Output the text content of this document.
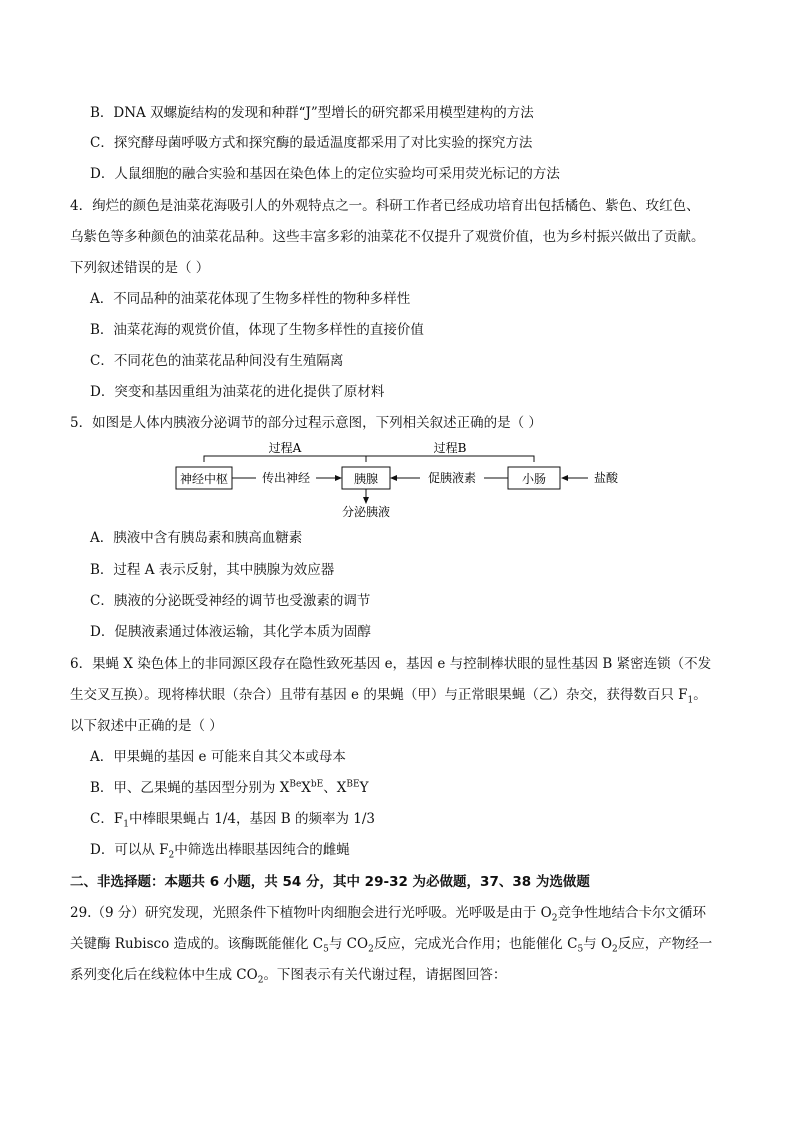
B．DNA 双螺旋结构的发现和种群“J”型增长的研究都采用模型建构的方法
C．探究酵母菌呼吸方式和探究酶的最适温度都采用了对比实验的探究方法
D．人鼠细胞的融合实验和基因在染色体上的定位实验均可采用荧光标记的方法
4．绚烂的颜色是油菜花海吸引人的外观特点之一。科研工作者已经成功培育出包括橘色、紫色、玫红色、
乌紫色等多种颜色的油菜花品种。这些丰富多彩的油菜花不仅提升了观赏价值，也为乡村振兴做出了贡献。
下列叙述错误的是（ ）
A．不同品种的油菜花体现了生物多样性的物种多样性
B．油菜花海的观赏价值，体现了生物多样性的直接价值
C．不同花色的油菜花品种间没有生殖隔离
D．突变和基因重组为油菜花的进化提供了原材料
5．如图是人体内胰液分泌调节的部分过程示意图，下列相关叙述正确的是（ ）
过程A	过程B
神经中枢	胰腺	小肠
传出神经	促胰液素	盐酸
分泌胰液
A．胰液中含有胰岛素和胰高血糖素
B．过程 A 表示反射，其中胰腺为效应器
C．胰液的分泌既受神经的调节也受激素的调节
D．促胰液素通过体液运输，其化学本质为固醇
6．果蝇 X 染色体上的非同源区段存在隐性致死基因 e，基因 e 与控制棒状眼的显性基因 B 紧密连锁（不发
生交叉互换）。现将棒状眼（杂合）且带有基因 e 的果蝇（甲）与正常眼果蝇（乙）杂交，获得数百只 $F_1$。
以下叙述中正确的是（ ）
A．甲果蝇的基因 e 可能来自其父本或母本
B．甲、乙果蝇的基因型分别为 $X^{Be}X^{bE}$、$X^{BE}Y$
C．$F_1$中棒眼果蝇占 1/4，基因 B 的频率为 1/3
D．可以从 $F_2$中筛选出棒眼基因纯合的雌蝇
二、非选择题：本题共 6 小题，共 54 分，其中 29-32 为必做题，37、38 为选做题
29.（9 分）研究发现，光照条件下植物叶肉细胞会进行光呼吸。光呼吸是由于 $O_2$竞争性地结合卡尔文循环
关键酶 Rubisco 造成的。该酶既能催化 $C_5$与 $CO_2$反应，完成光合作用；也能催化 $C_5$与 $O_2$反应，产物经一
系列变化后在线粒体中生成 $CO_2$。下图表示有关代谢过程，请据图回答：
